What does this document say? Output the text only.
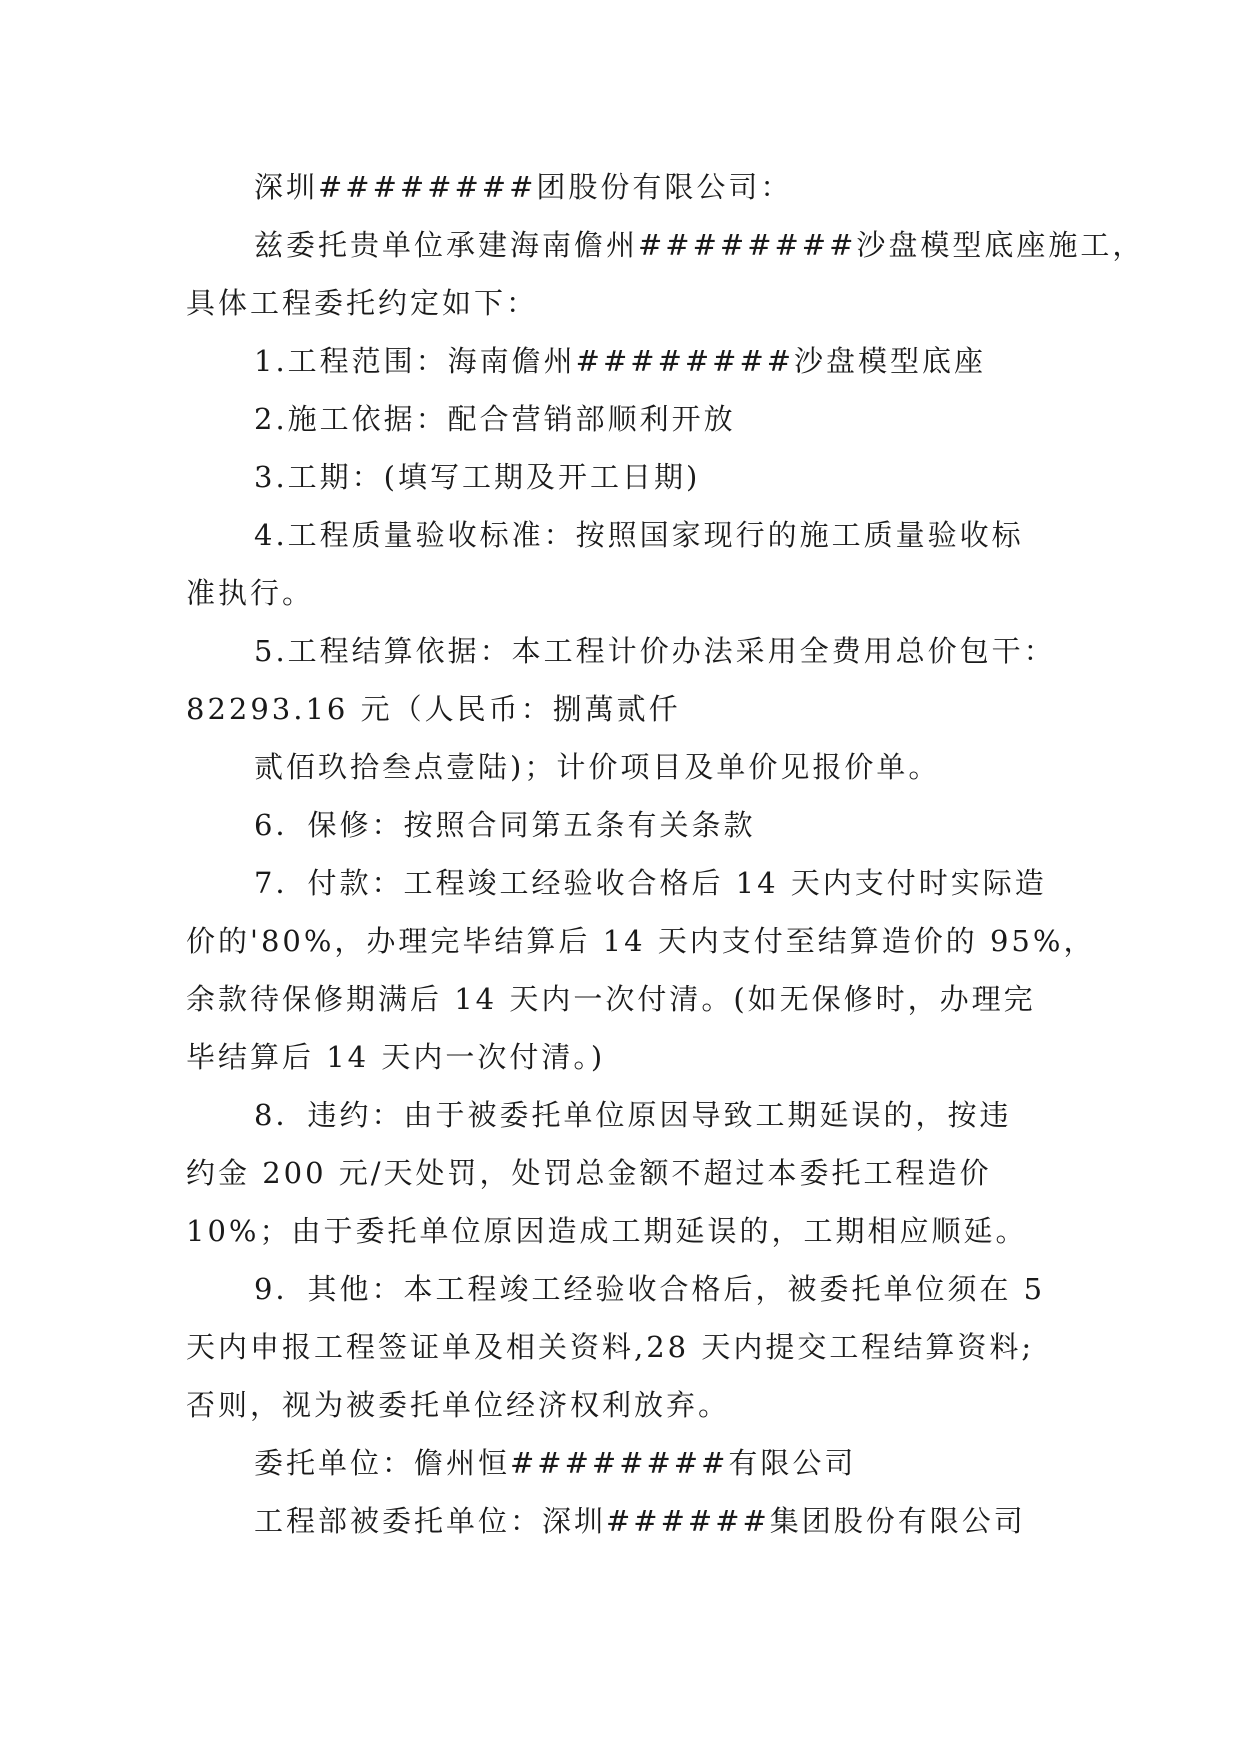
深圳########团股份有限公司：
兹委托贵单位承建海南儋州########沙盘模型底座施工，
具体工程委托约定如下：
1.工程范围：海南儋州########沙盘模型底座
2.施工依据：配合营销部顺利开放
3.工期：(填写工期及开工日期)
4.工程质量验收标准：按照国家现行的施工质量验收标
准执行。
5.工程结算依据：本工程计价办法采用全费用总价包干：
82293.16 元（人民币：捌萬贰仟
贰佰玖拾叁点壹陆)；计价项目及单价见报价单。
6．保修：按照合同第五条有关条款
7．付款：工程竣工经验收合格后 14 天内支付时实际造
价的'80%，办理完毕结算后 14 天内支付至结算造价的 95%，
余款待保修期满后 14 天内一次付清。(如无保修时，办理完
毕结算后 14 天内一次付清。)
8．违约：由于被委托单位原因导致工期延误的，按违
约金 200 元/天处罚，处罚总金额不超过本委托工程造价
10%；由于委托单位原因造成工期延误的，工期相应顺延。
9．其他：本工程竣工经验收合格后，被委托单位须在 5
天内申报工程签证单及相关资料,28 天内提交工程结算资料;
否则，视为被委托单位经济权利放弃。
委托单位：儋州恒########有限公司
工程部被委托单位：深圳######集团股份有限公司
